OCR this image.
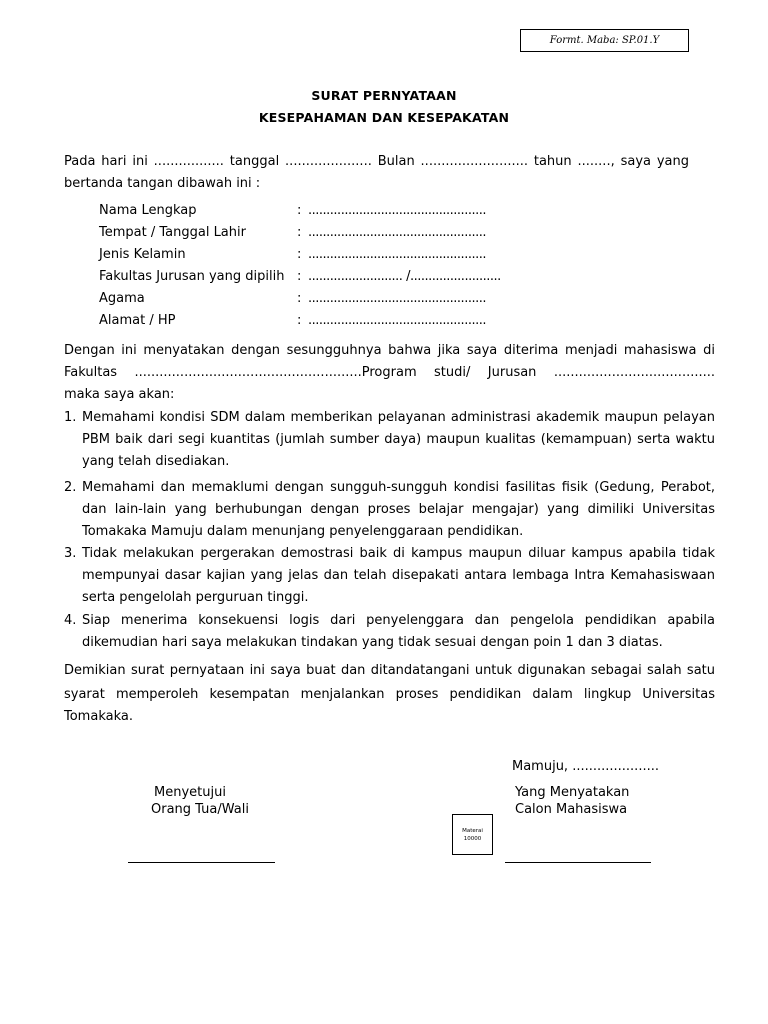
Formt. Maba: SP.01.Y
SURAT PERNYATAAN
KESEPAHAMAN DAN KESEPAKATAN
Pada hari ini ................. tanggal ..................... Bulan .......................... tahun ........, saya yang
bertanda tangan dibawah ini :
Nama Lengkap	: .................................................
Tempat / Tanggal Lahir	: .................................................
Jenis Kelamin	: .................................................
Fakultas Jurusan yang dipilih : .......................... /.........................
Agama	: .................................................
Alamat / HP	: .................................................
Dengan ini menyatakan dengan sesungguhnya bahwa jika saya diterima menjadi mahasiswa di
Fakultas .......................................................Program studi/ Jurusan .......................................
maka saya akan:
1. Memahami kondisi SDM dalam memberikan pelayanan administrasi akademik maupun pelayan
PBM baik dari segi kuantitas (jumlah sumber daya) maupun kualitas (kemampuan) serta waktu
yang telah disediakan.
2. Memahami dan memaklumi dengan sungguh-sungguh kondisi fasilitas fisik (Gedung, Perabot,
dan lain-lain yang berhubungan dengan proses belajar mengajar) yang dimiliki Universitas
Tomakaka Mamuju dalam menunjang penyelenggaraan pendidikan.
3. Tidak melakukan pergerakan demostrasi baik di kampus maupun diluar kampus apabila tidak
mempunyai dasar kajian yang jelas dan telah disepakati antara lembaga Intra Kemahasiswaan
serta pengelolah perguruan tinggi.
4. Siap menerima konsekuensi logis dari penyelenggara dan pengelola pendidikan apabila
dikemudian hari saya melakukan tindakan yang tidak sesuai dengan poin 1 dan 3 diatas.
Demikian surat pernyataan ini saya buat dan ditandatangani untuk digunakan sebagai salah satu
syarat memperoleh kesempatan menjalankan proses pendidikan dalam lingkup Universitas
Tomakaka.
Mamuju, .....................
Menyetujui
Orang Tua/Wali
Yang Menyatakan
Calon Mahasiswa
Materai
10000
